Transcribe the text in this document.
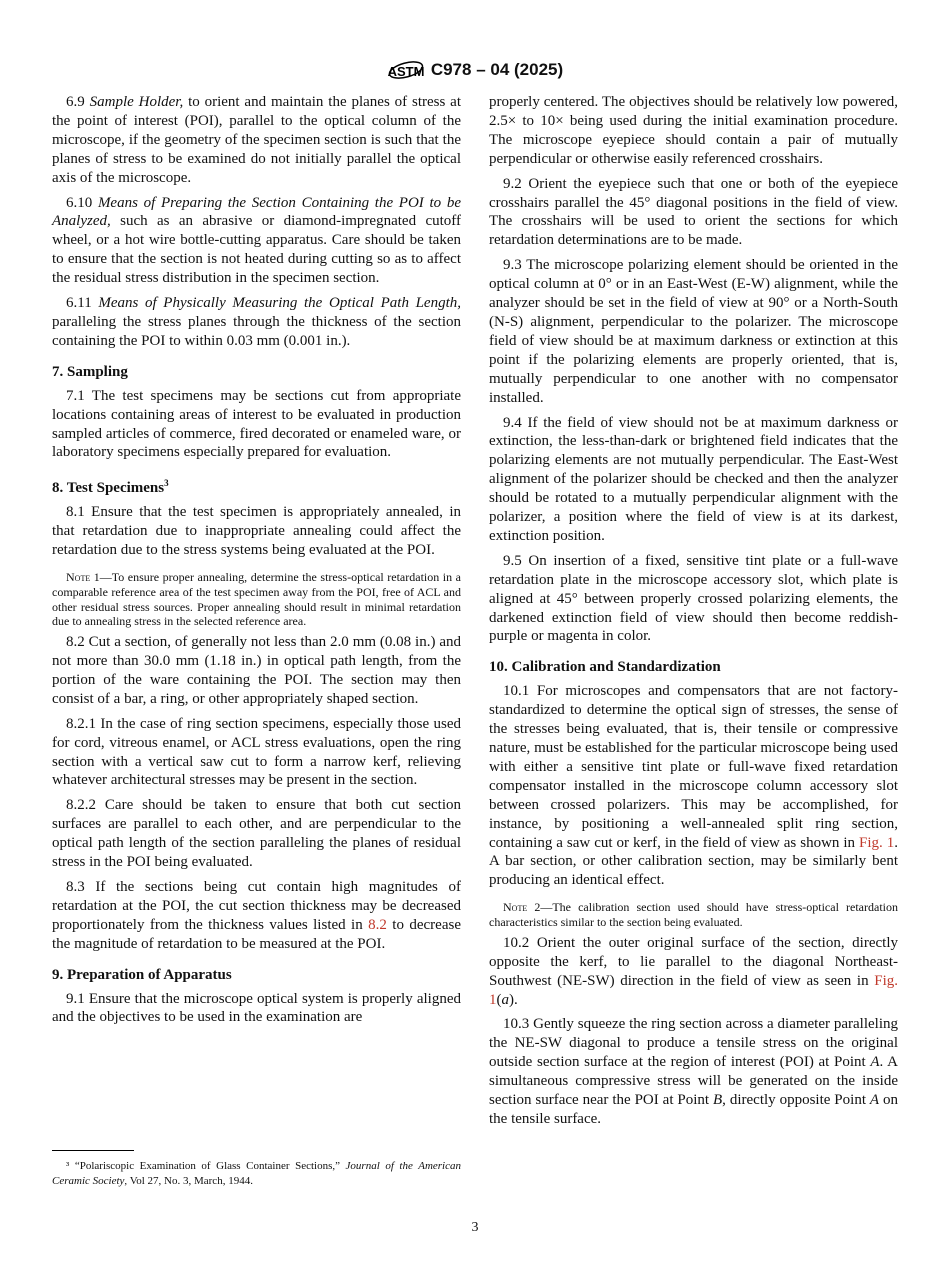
ASTM C978 – 04 (2025)

6.9 Sample Holder, to orient and maintain the planes of stress at the point of interest (POI), parallel to the optical column of the microscope, if the geometry of the specimen section is such that the planes of stress to be examined do not initially parallel the optical axis of the microscope.

6.10 Means of Preparing the Section Containing the POI to be Analyzed, such as an abrasive or diamond-impregnated cutoff wheel, or a hot wire bottle-cutting apparatus. Care should be taken to ensure that the section is not heated during cutting so as to affect the residual stress distribution in the specimen section.

6.11 Means of Physically Measuring the Optical Path Length, paralleling the stress planes through the thickness of the section containing the POI to within 0.03 mm (0.001 in.).

7. Sampling

7.1 The test specimens may be sections cut from appropriate locations containing areas of interest to be evaluated in production sampled articles of commerce, fired decorated or enameled ware, or laboratory specimens especially prepared for evaluation.

8. Test Specimens$^3$

8.1 Ensure that the test specimen is appropriately annealed, in that retardation due to inappropriate annealing could affect the retardation due to the stress systems being evaluated at the POI.

Note 1—To ensure proper annealing, determine the stress-optical retardation in a comparable reference area of the test specimen away from the POI, free of ACL and other residual stress sources. Proper annealing should result in minimal retardation due to annealing stress in the selected reference area.

8.2 Cut a section, of generally not less than 2.0 mm (0.08 in.) and not more than 30.0 mm (1.18 in.) in optical path length, from the portion of the ware containing the POI. The section may then consist of a bar, a ring, or other appropriately shaped section.

8.2.1 In the case of ring section specimens, especially those used for cord, vitreous enamel, or ACL stress evaluations, open the ring section with a vertical saw cut to form a narrow kerf, relieving whatever architectural stresses may be present in the section.

8.2.2 Care should be taken to ensure that both cut section surfaces are parallel to each other, and are perpendicular to the optical path length of the section paralleling the planes of residual stress in the POI being evaluated.

8.3 If the sections being cut contain high magnitudes of retardation at the POI, the cut section thickness may be decreased proportionately from the thickness values listed in 8.2 to decrease the magnitude of retardation to be measured at the POI.

9. Preparation of Apparatus

9.1 Ensure that the microscope optical system is properly aligned and the objectives to be used in the examination are

properly centered. The objectives should be relatively low powered, 2.5× to 10× being used during the initial examination procedure. The microscope eyepiece should contain a pair of mutually perpendicular or otherwise easily referenced crosshairs.

9.2 Orient the eyepiece such that one or both of the eyepiece crosshairs parallel the 45° diagonal positions in the field of view. The crosshairs will be used to orient the sections for which retardation determinations are to be made.

9.3 The microscope polarizing element should be oriented in the optical column at 0° or in an East-West (E-W) alignment, while the analyzer should be set in the field of view at 90° or a North-South (N-S) alignment, perpendicular to the polarizer. The microscope field of view should be at maximum darkness or extinction at this point if the polarizing elements are properly oriented, that is, mutually perpendicular to one another with no compensator installed.

9.4 If the field of view should not be at maximum darkness or extinction, the less-than-dark or brightened field indicates that the polarizing elements are not mutually perpendicular. The East-West alignment of the polarizer should be checked and then the analyzer should be rotated to a mutually perpendicular alignment with the polarizer, a position where the field of view is at its darkest, extinction position.

9.5 On insertion of a fixed, sensitive tint plate or a full-wave retardation plate in the microscope accessory slot, which plate is aligned at 45° between properly crossed polarizing elements, the darkened extinction field of view should then become reddish-purple or magenta in color.

10. Calibration and Standardization

10.1 For microscopes and compensators that are not factory-standardized to determine the optical sign of stresses, the sense of the stresses being evaluated, that is, their tensile or compressive nature, must be established for the particular microscope being used with either a sensitive tint plate or full-wave fixed retardation compensator installed in the microscope column accessory slot between crossed polarizers. This may be accomplished, for instance, by positioning a well-annealed split ring section, containing a saw cut or kerf, in the field of view as shown in Fig. 1. A bar section, or other calibration section, may be similarly bent producing an identical effect.

Note 2—The calibration section used should have stress-optical retardation characteristics similar to the section being evaluated.

10.2 Orient the outer original surface of the section, directly opposite the kerf, to lie parallel to the diagonal Northeast-Southwest (NE-SW) direction in the field of view as seen in Fig. 1(a).

10.3 Gently squeeze the ring section across a diameter paralleling the NE-SW diagonal to produce a tensile stress on the original outside section surface at the region of interest (POI) at Point A. A simultaneous compressive stress will be generated on the inside section surface near the POI at Point B, directly opposite Point A on the tensile surface.

³ “Polariscopic Examination of Glass Container Sections,” Journal of the American Ceramic Society, Vol 27, No. 3, March, 1944.

3
